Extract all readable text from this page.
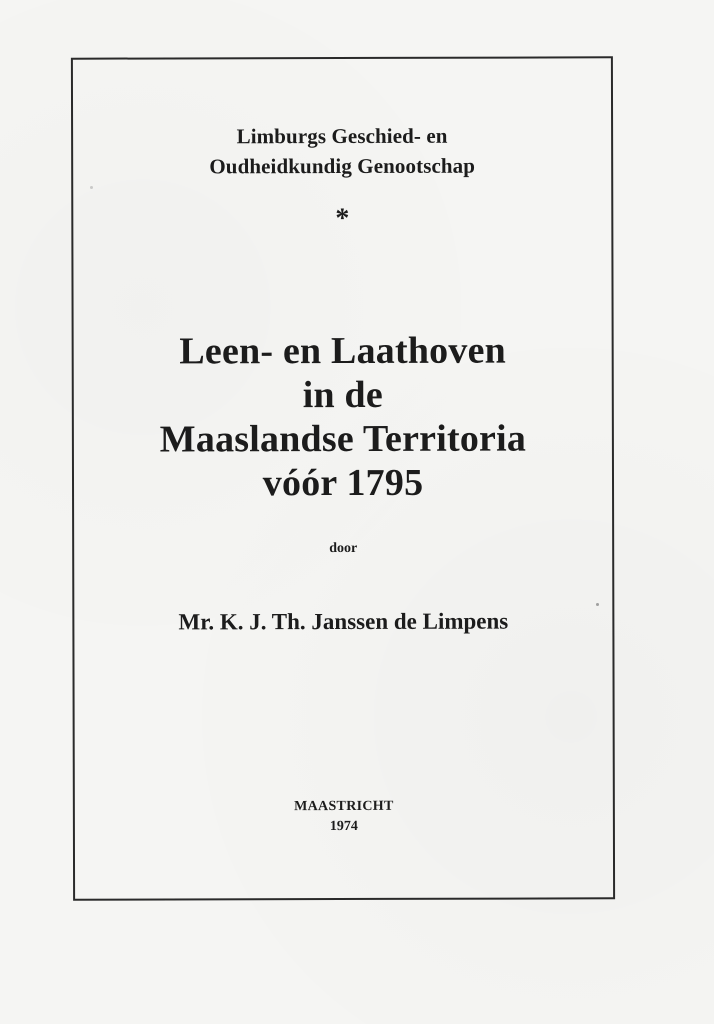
Limburgs Geschied- en
Oudheidkundig Genootschap
*
Leen- en Laathoven
in de
Maaslandse Territoria
vóór 1795
door
Mr. K. J. Th. Janssen de Limpens
MAASTRICHT
1974
